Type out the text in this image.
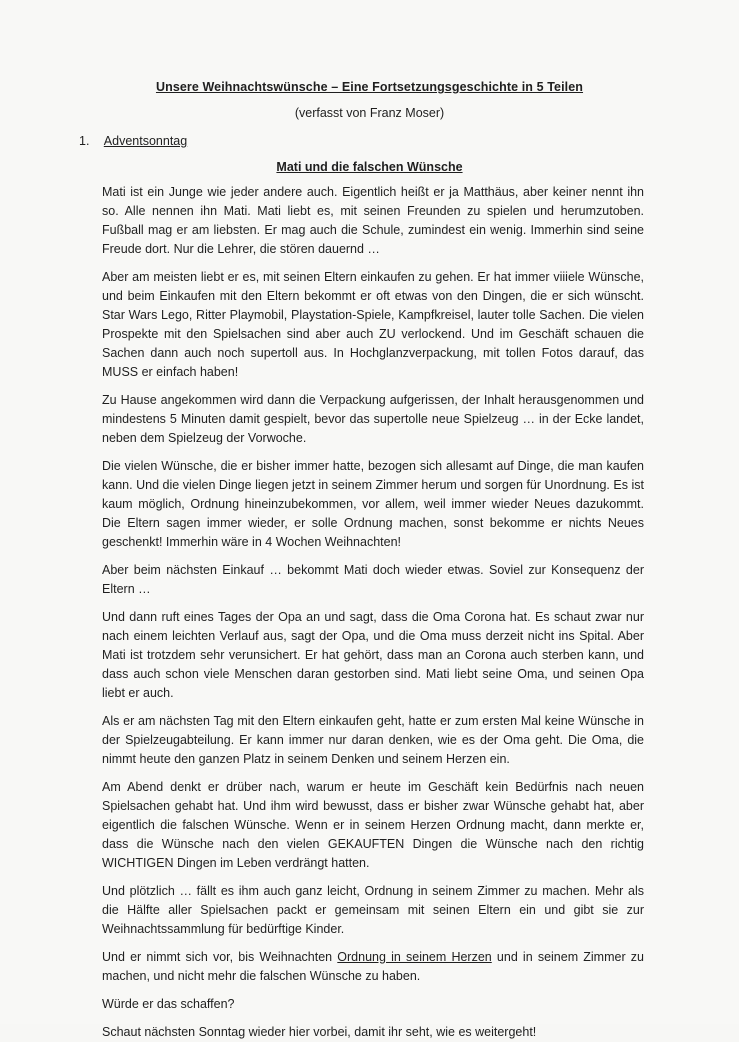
Unsere Weihnachtswünsche – Eine Fortsetzungsgeschichte in 5 Teilen
(verfasst von Franz Moser)
1. Adventsonntag
Mati und die falschen Wünsche

Mati ist ein Junge wie jeder andere auch. Eigentlich heißt er ja Matthäus, aber keiner nennt ihn so. Alle nennen ihn Mati. Mati liebt es, mit seinen Freunden zu spielen und herumzutoben. Fußball mag er am liebsten. Er mag auch die Schule, zumindest ein wenig. Immerhin sind seine Freude dort. Nur die Lehrer, die stören dauernd …

Aber am meisten liebt er es, mit seinen Eltern einkaufen zu gehen. Er hat immer viiiele Wünsche, und beim Einkaufen mit den Eltern bekommt er oft etwas von den Dingen, die er sich wünscht. Star Wars Lego, Ritter Playmobil, Playstation-Spiele, Kampfkreisel, lauter tolle Sachen. Die vielen Prospekte mit den Spielsachen sind aber auch ZU verlockend. Und im Geschäft schauen die Sachen dann auch noch supertoll aus. In Hochglanzverpackung, mit tollen Fotos darauf, das MUSS er einfach haben!

Zu Hause angekommen wird dann die Verpackung aufgerissen, der Inhalt herausgenommen und mindestens 5 Minuten damit gespielt, bevor das supertolle neue Spielzeug … in der Ecke landet, neben dem Spielzeug der Vorwoche.

Die vielen Wünsche, die er bisher immer hatte, bezogen sich allesamt auf Dinge, die man kaufen kann. Und die vielen Dinge liegen jetzt in seinem Zimmer herum und sorgen für Unordnung. Es ist kaum möglich, Ordnung hineinzubekommen, vor allem, weil immer wieder Neues dazukommt. Die Eltern sagen immer wieder, er solle Ordnung machen, sonst bekomme er nichts Neues geschenkt! Immerhin wäre in 4 Wochen Weihnachten!

Aber beim nächsten Einkauf … bekommt Mati doch wieder etwas. Soviel zur Konsequenz der Eltern …

Und dann ruft eines Tages der Opa an und sagt, dass die Oma Corona hat. Es schaut zwar nur nach einem leichten Verlauf aus, sagt der Opa, und die Oma muss derzeit nicht ins Spital. Aber Mati ist trotzdem sehr verunsichert. Er hat gehört, dass man an Corona auch sterben kann, und dass auch schon viele Menschen daran gestorben sind. Mati liebt seine Oma, und seinen Opa liebt er auch.

Als er am nächsten Tag mit den Eltern einkaufen geht, hatte er zum ersten Mal keine Wünsche in der Spielzeugabteilung. Er kann immer nur daran denken, wie es der Oma geht. Die Oma, die nimmt heute den ganzen Platz in seinem Denken und seinem Herzen ein.

Am Abend denkt er drüber nach, warum er heute im Geschäft kein Bedürfnis nach neuen Spielsachen gehabt hat. Und ihm wird bewusst, dass er bisher zwar Wünsche gehabt hat, aber eigentlich die falschen Wünsche. Wenn er in seinem Herzen Ordnung macht, dann merkte er, dass die Wünsche nach den vielen GEKAUFTEN Dingen die Wünsche nach den richtig WICHTIGEN Dingen im Leben verdrängt hatten.

Und plötzlich … fällt es ihm auch ganz leicht, Ordnung in seinem Zimmer zu machen. Mehr als die Hälfte aller Spielsachen packt er gemeinsam mit seinen Eltern ein und gibt sie zur Weihnachtssammlung für bedürftige Kinder.

Und er nimmt sich vor, bis Weihnachten Ordnung in seinem Herzen und in seinem Zimmer zu machen, und nicht mehr die falschen Wünsche zu haben.

Würde er das schaffen?

Schaut nächsten Sonntag wieder hier vorbei, damit ihr seht, wie es weitergeht!
